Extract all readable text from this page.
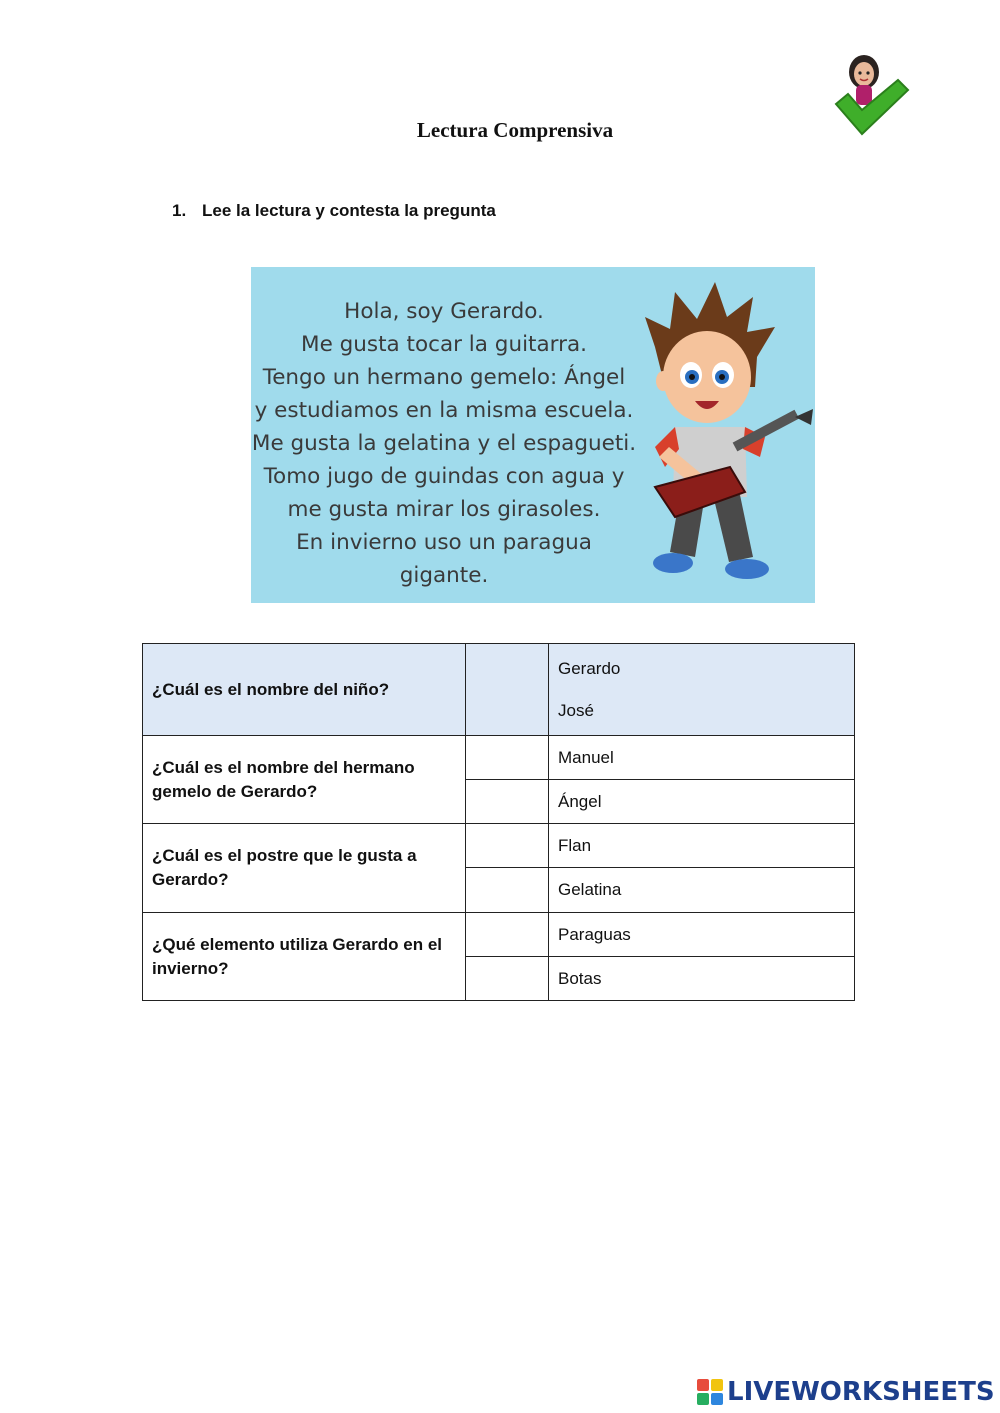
Lectura Comprensiva
1. Lee la lectura y contesta la pregunta
Hola, soy Gerardo.
Me gusta tocar la guitarra.
Tengo un hermano gemelo: Ángel
y estudiamos en la misma escuela.
Me gusta la gelatina y el espagueti.
Tomo jugo de guindas con agua y
me gusta mirar los girasoles.
En invierno uso un paragua
gigante.
¿Cuál es el nombre del niño?		Gerardo
José

¿Cuál es el nombre del hermano gemelo de Gerardo?		Manuel
		Ángel
¿Cuál es el postre que le gusta a Gerardo?		Flan
		Gelatina
¿Qué elemento utiliza Gerardo en el invierno?		Paraguas
		Botas
LIVEWORKSHEETS
